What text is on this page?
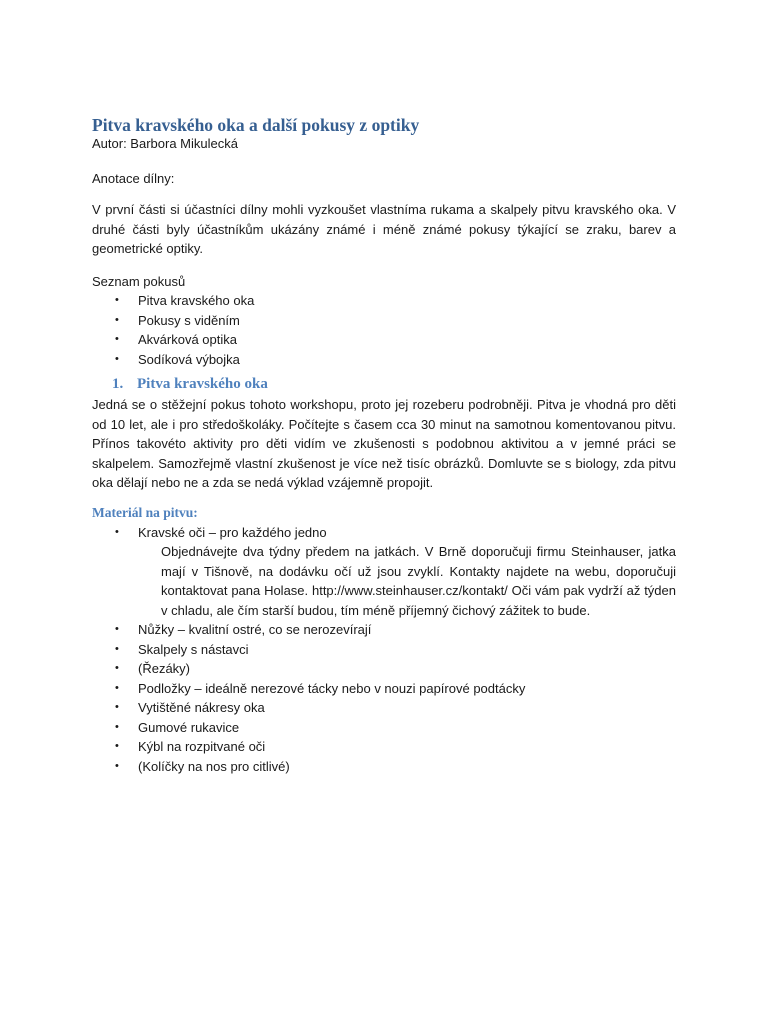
Pitva kravského oka a další pokusy z optiky

Autor: Barbora Mikulecká

Anotace dílny:

V první části si účastníci dílny mohli vyzkoušet vlastníma rukama a skalpely pitvu kravského oka. V druhé části byly účastníkům ukázány známé i méně známé pokusy týkající se zraku, barev a geometrické optiky.

Seznam pokusů

• Pitva kravského oka
• Pokusy s viděním
• Akvárková optika
• Sodíková výbojka
1. Pitva kravského oka

Jedná se o stěžejní pokus tohoto workshopu, proto jej rozeberu podrobněji. Pitva je vhodná pro děti od 10 let, ale i pro středoškoláky. Počítejte s časem cca 30 minut na samotnou komentovanou pitvu. Přínos takovéto aktivity pro děti vidím ve zkušenosti s podobnou aktivitou a v jemné práci se skalpelem. Samozřejmě vlastní zkušenost je více než tisíc obrázků. Domluvte se s biology, zda pitvu oka dělají nebo ne a zda se nedá výklad vzájemně propojit.

Materiál na pitvu:
• Kravské oči – pro každého jedno

Objednávejte dva týdny předem na jatkách. V Brně doporučuji firmu Steinhauser, jatka mají v Tišnově, na dodávku očí už jsou zvyklí. Kontakty najdete na webu, doporučuji kontaktovat pana Holase. http://www.steinhauser.cz/kontakt/ Oči vám pak vydrží až týden v chladu, ale čím starší budou, tím méně příjemný čichový zážitek to bude.

• Nůžky – kvalitní ostré, co se nerozevírají
• Skalpely s nástavci
• (Řezáky)
• Podložky – ideálně nerezové tácky nebo v nouzi papírové podtácky
• Vytištěné nákresy oka
• Gumové rukavice
• Kýbl na rozpitvané oči
• (Kolíčky na nos pro citlivé)
